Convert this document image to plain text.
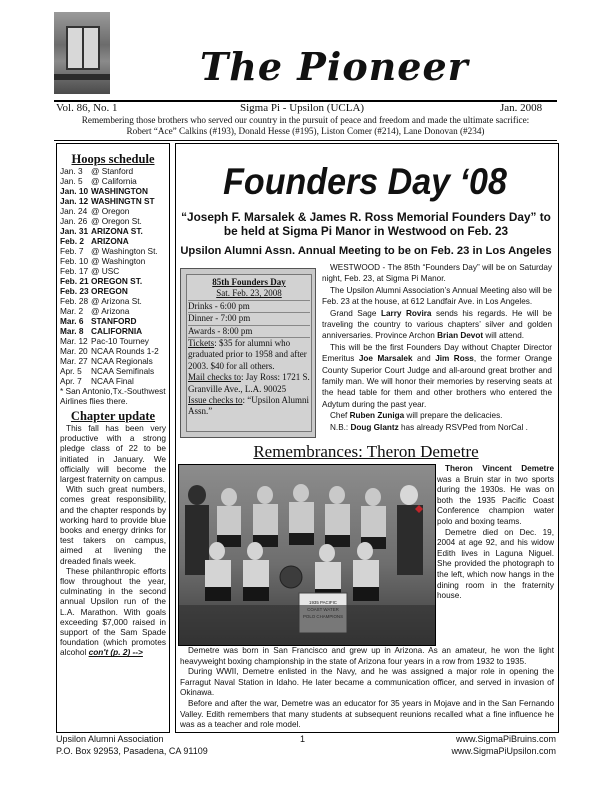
The Pioneer
Vol. 86, No. 1	Sigma Pi - Upsilon (UCLA)	Jan. 2008
Remembering those brothers who served our country in the pursuit of peace and freedom and made the ultimate sacrifice:
Robert “Ace” Calkins (#193), Donald Hesse (#195), Liston Comer (#214), Lane Donovan (#234)
Hoops schedule
Jan. 3 @ Stanford
Jan. 5 @ California
Jan. 10 WASHINGTON
Jan. 12 WASHINGTN ST
Jan. 24 @ Oregon
Jan. 26 @ Oregon St.
Jan. 31 ARIZONA ST.
Feb. 2 ARIZONA
Feb. 7 @ Washington St.
Feb. 10 @ Washington
Feb. 17 @ USC
Feb. 21 OREGON ST.
Feb. 23 OREGON
Feb. 28 @ Arizona St.
Mar. 2 @ Arizona
Mar. 6 STANFORD
Mar. 8 CALIFORNIA
Mar. 12 Pac-10 Tourney
Mar. 20 NCAA Rounds 1-2
Mar. 27 NCAA Regionals
Apr. 5 NCAA Semifinals
Apr. 7 NCAA Final
* San Antonio,Tx.-Southwest Airlines flies there.
Chapter update

This fall has been very productive with a strong pledge class of 22 to be initiated in January. We officially will become the largest fraternity on campus.

With such great numbers, comes great responsibility, and the chapter responds by working hard to provide blue books and energy drinks for test takers on campus, aimed at livening the dreaded finals week.

These philanthropic efforts flow throughout the year, culminating in the second annual Upsilon run of the L.A. Marathon. With goals exceeding $7,000 raised in support of the Sam Spade foundation (which promotes alcohol con't (p. 2) -->

Founders Day ‘08
“Joseph F. Marsalek & James R. Ross Memorial Founders Day” to be held at Sigma Pi Manor in Westwood on Feb. 23
Upsilon Alumni Assn. Annual Meeting to be on Feb. 23 in Los Angeles
85th Founders Day
Sat. Feb. 23, 2008
Drinks - 6:00 pm
Dinner - 7:00 pm
Awards - 8:00 pm
Tickets: $35 for alumni who graduated prior to 1958 and after 2003. $40 for all others.
Mail checks to: Jay Ross: 1721 S. Granville Ave., L.A. 90025
Issue checks to: “Upsilon Alumni Assn.”

WESTWOOD - The 85th “Founders Day” will be on Saturday night, Feb. 23, at Sigma Pi Manor.

The Upsilon Alumni Association’s Annual Meeting also will be Feb. 23 at the house, at 612 Landfair Ave. in Los Angeles.

Grand Sage Larry Rovira sends his regards. He will be traveling the country to various chapters’ silver and golden anniversaries. Province Archon Brian Devot will attend.

This will be the first Founders Day without Chapter Director Emeritus Joe Marsalek and Jim Ross, the former Orange County Superior Court Judge and all-around great brother and family man. We will honor their memories by reserving seats at the head table for them and other brothers who entered the Adytum during the past year.

Chef Ruben Zuniga will prepare the delicacies.

N.B.: Doug Glantz has already RSVPed from NorCal .

Remembrances: Theron Demetre
1935 PACIFIC

Theron Vincent Demetre was a Bruin star in two sports during the 1930s. He was on both the 1935 Pacific Coast Conference champion water polo and boxing teams.

Demetre died on Dec. 19, 2004 at age 92, and his widow Edith lives in Laguna Niguel. She provided the photograph to the left, which now hangs in the dining room in the fraternity house.

Demetre was born in San Francisco and grew up in Arizona. As an amateur, he won the light heavyweight boxing championship in the state of Arizona four years in a row from 1932 to 1935.

During WWII, Demetre enlisted in the Navy, and he was assigned a major role in opening the Farragut Naval Station in Idaho. He later became a communication officer, and served in invasion of Okinawa.

Before and after the war, Demetre was an educator for 35 years in Mojave and in the San Fernando Valley. Edith remembers that many students at subsequent reunions recalled what a fine influence he was as a teacher and role model.

Upsilon Alumni Association
P.O. Box 92953, Pasadena, CA 91109
1	www.SigmaPiBruins.com
www.SigmaPiUpsilon.com
